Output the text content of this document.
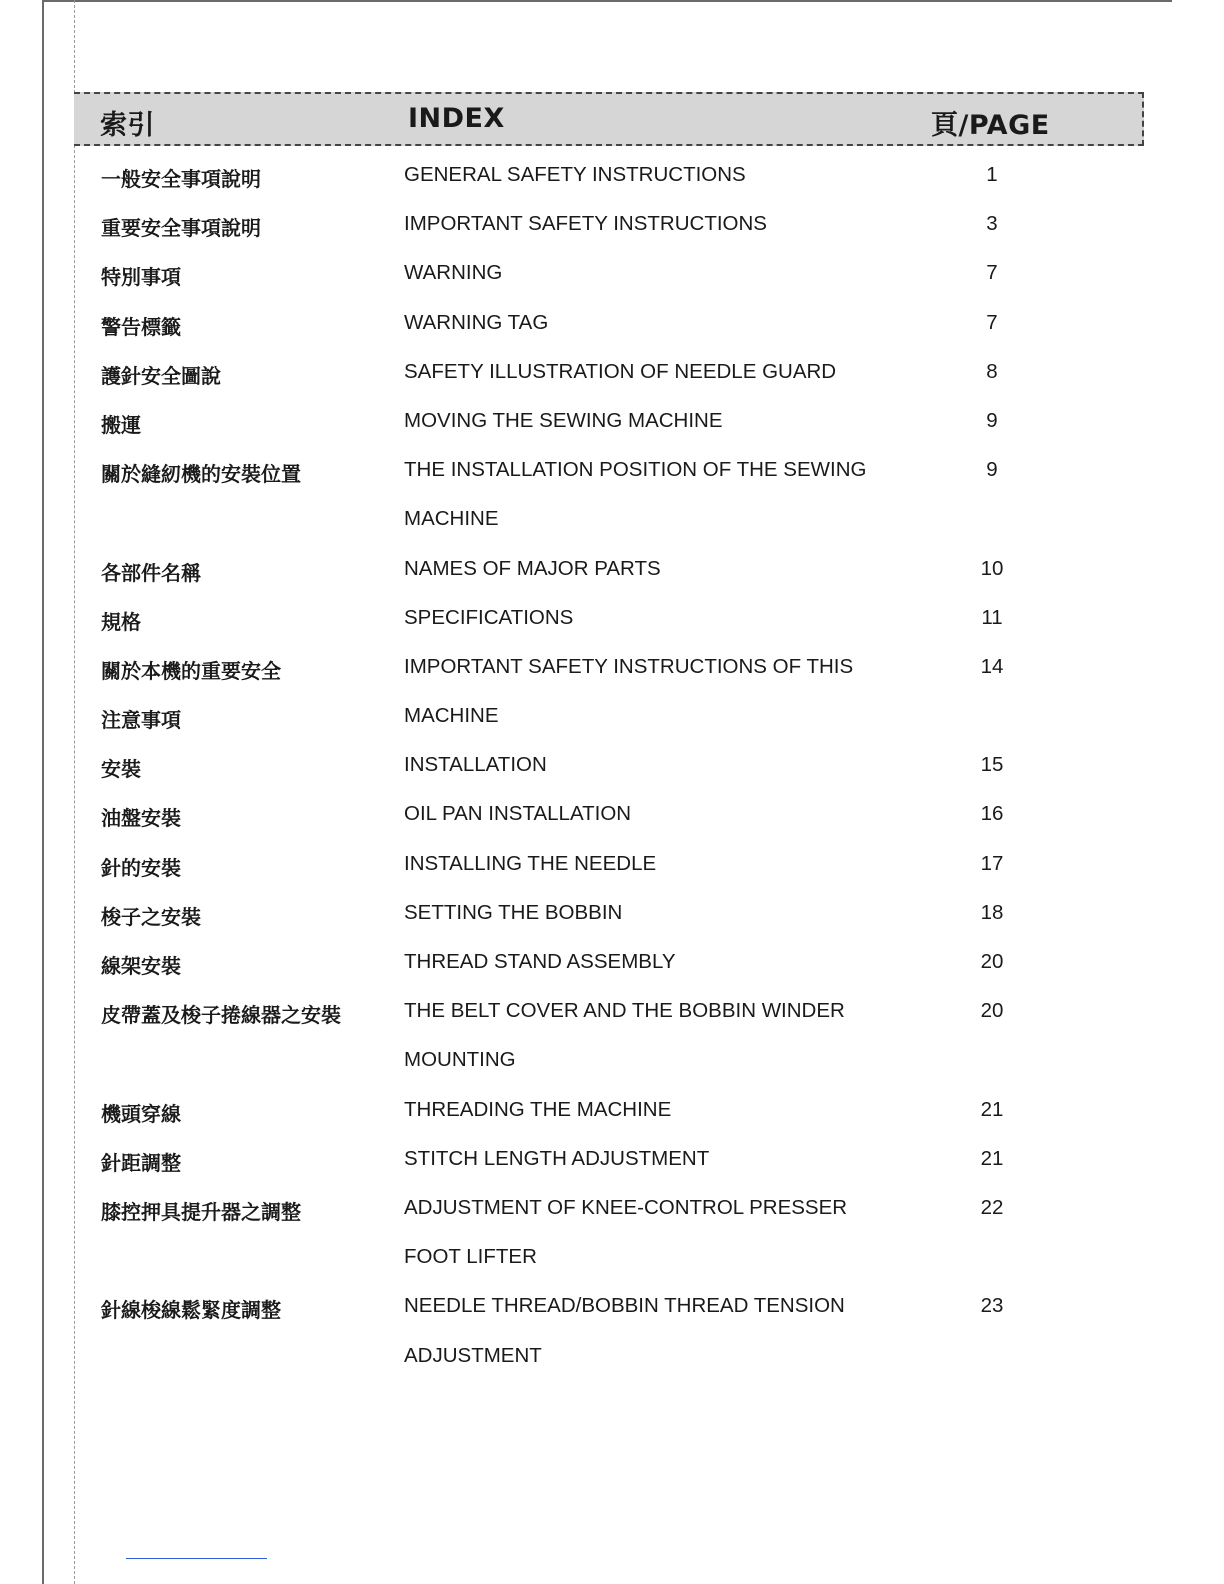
索引	INDEX	頁/PAGE
一般安全事項說明	GENERAL SAFETY INSTRUCTIONS	1
重要安全事項說明	IMPORTANT SAFETY INSTRUCTIONS	3
特別事項	WARNING	7
警告標籤	WARNING TAG	7
護針安全圖說	SAFETY ILLUSTRATION OF NEEDLE GUARD	8
搬運	MOVING THE SEWING MACHINE	9
關於縫紉機的安裝位置	THE INSTALLATION POSITION OF THE SEWING	9
MACHINE
各部件名稱	NAMES OF MAJOR PARTS	10
規格	SPECIFICATIONS	11
關於本機的重要安全	IMPORTANT SAFETY INSTRUCTIONS OF THIS	14
注意事項	MACHINE
安裝	INSTALLATION	15
油盤安裝	OIL PAN INSTALLATION	16
針的安裝	INSTALLING THE NEEDLE	17
梭子之安裝	SETTING THE BOBBIN	18
線架安裝	THREAD STAND ASSEMBLY	20
皮帶蓋及梭子捲線器之安裝	THE BELT COVER AND THE BOBBIN WINDER	20
MOUNTING
機頭穿線	THREADING THE MACHINE	21
針距調整	STITCH LENGTH ADJUSTMENT	21
膝控押具提升器之調整	ADJUSTMENT OF KNEE-CONTROL PRESSER	22
FOOT LIFTER
針線梭線鬆緊度調整	NEEDLE THREAD/BOBBIN THREAD TENSION	23
ADJUSTMENT
